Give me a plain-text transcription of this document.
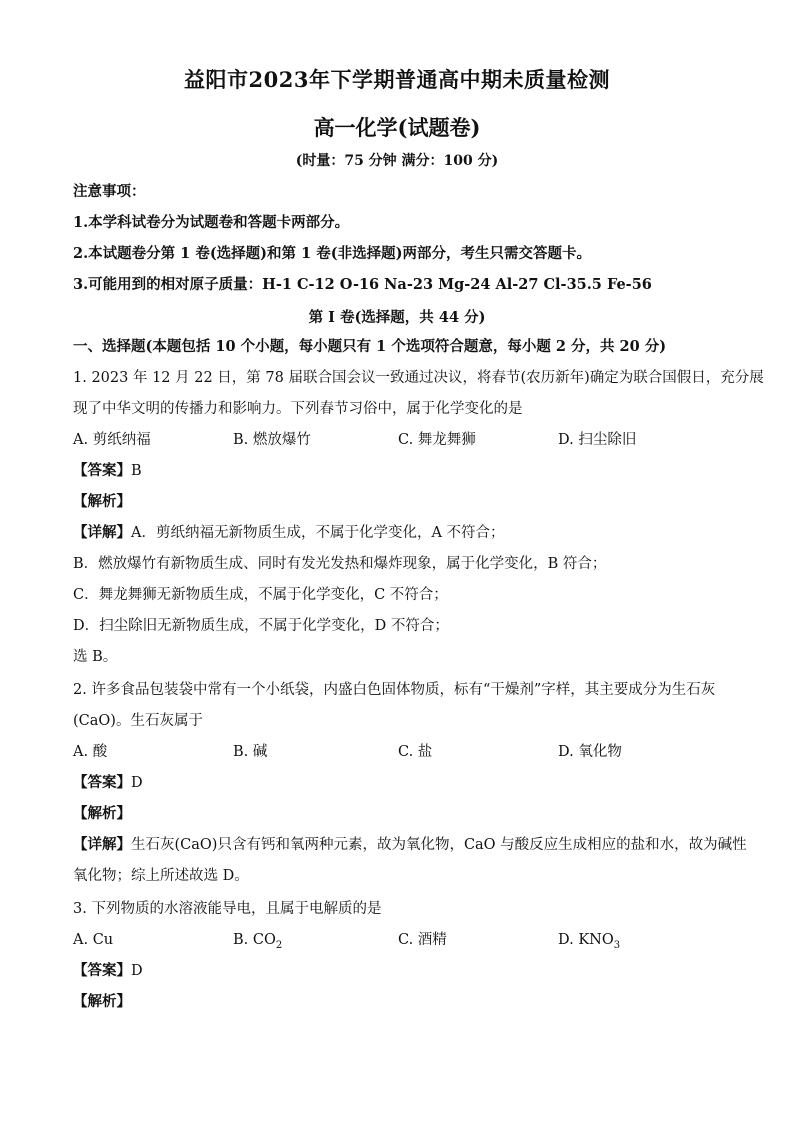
益阳市2023年下学期普通高中期未质量检测
高一化学(试题卷)
(时量：75 分钟 满分：100 分)
注意事项：
1.本学科试卷分为试题卷和答题卡两部分。
2.本试题卷分第 1 卷(选择题)和第 1 卷(非选择题)两部分，考生只需交答题卡。
3.可能用到的相对原子质量：H-1 C-12 O-16 Na-23 Mg-24 Al-27 Cl-35.5 Fe-56
第 I 卷(选择题，共 44 分)
一、选择题(本题包括 10 个小题，每小题只有 1 个选项符合题意，每小题 2 分，共 20 分)
1. 2023 年 12 月 22 日，第 78 届联合国会议一致通过决议，将春节(农历新年)确定为联合国假日，充分展
现了中华文明的传播力和影响力。下列春节习俗中，属于化学变化的是
A. 剪纸纳福	B. 燃放爆竹	C. 舞龙舞狮	D. 扫尘除旧
【答案】B
【解析】
【详解】A．剪纸纳福无新物质生成，不属于化学变化，A 不符合；
B．燃放爆竹有新物质生成、同时有发光发热和爆炸现象，属于化学变化，B 符合；
C．舞龙舞狮无新物质生成，不属于化学变化，C 不符合；
D．扫尘除旧无新物质生成，不属于化学变化，D 不符合；
选 B。
2. 许多食品包装袋中常有一个小纸袋，内盛白色固体物质，标有“干燥剂”字样，其主要成分为生石灰
(CaO)。生石灰属于
A. 酸	B. 碱	C. 盐	D. 氧化物
【答案】D
【解析】
【详解】生石灰(CaO)只含有钙和氧两种元素，故为氧化物，CaO 与酸反应生成相应的盐和水，故为碱性
氧化物；综上所述故选 D。
3. 下列物质的水溶液能导电，且属于电解质的是
A. Cu	B. $CO_2$	C. 酒精	D. $KNO_3$
【答案】D
【解析】
